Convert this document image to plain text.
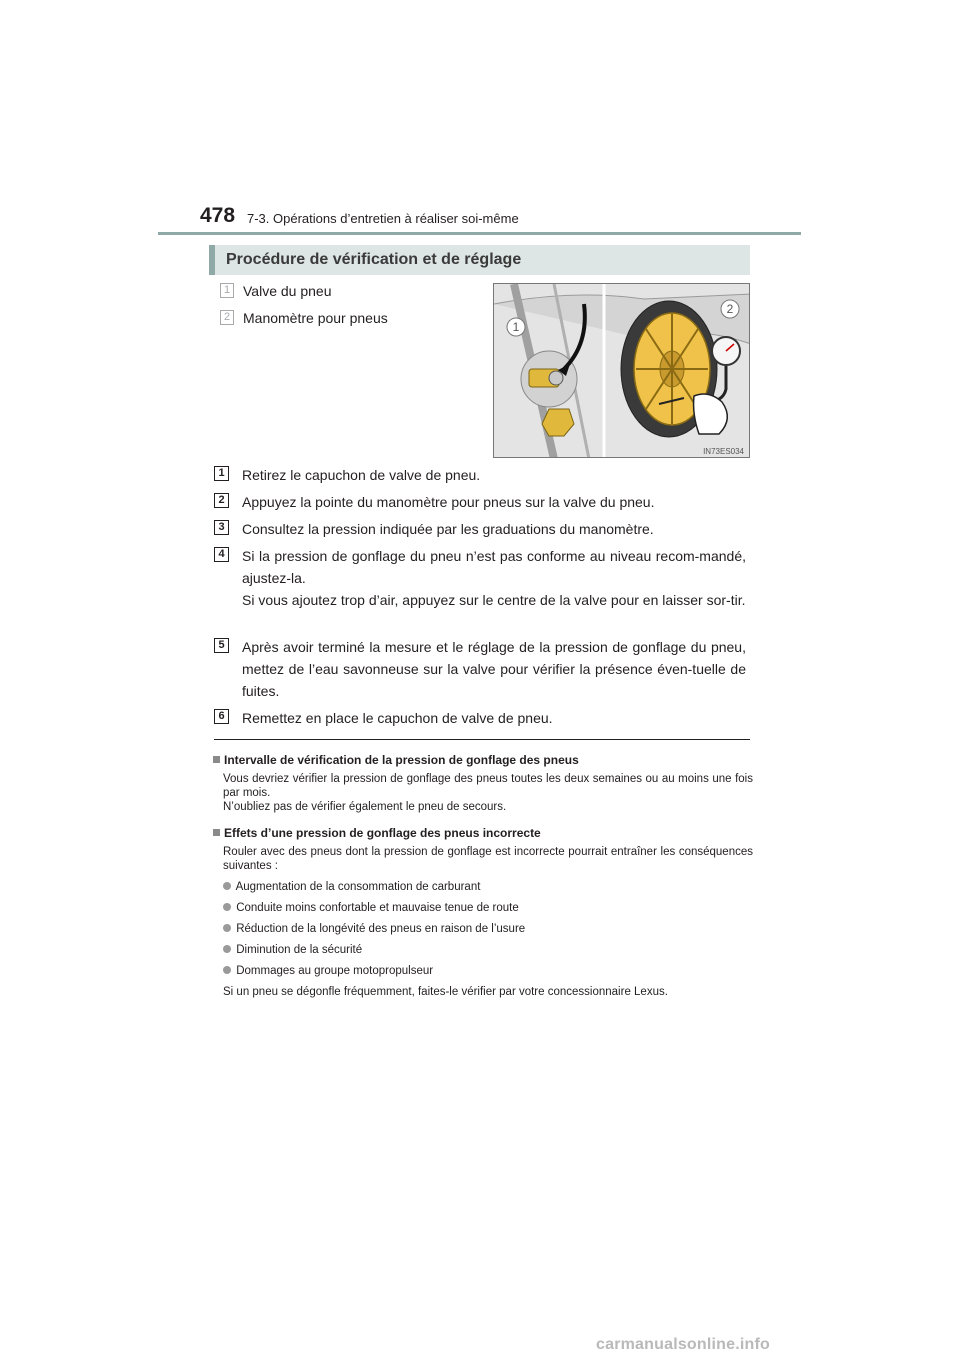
478 7-3. Opérations d’entretien à réaliser soi-même
Procédure de vérification et de réglage
1 Valve du pneu
2 Manomètre pour pneus
1
2
IN73ES034
1	Retirez le capuchon de valve de pneu.
2	Appuyez la pointe du manomètre pour pneus sur la valve du pneu.
3	Consultez la pression indiquée par les graduations du manomètre.
4	Si la pression de gonflage du pneu n’est pas conforme au niveau recom-mandé, ajustez-la.
Si vous ajoutez trop d’air, appuyez sur le centre de la valve pour en laisser sor-tir.
5	Après avoir terminé la mesure et le réglage de la pression de gonflage du pneu, mettez de l’eau savonneuse sur la valve pour vérifier la présence éven-tuelle de fuites.
6	Remettez en place le capuchon de valve de pneu.
Intervalle de vérification de la pression de gonflage des pneus
Vous devriez vérifier la pression de gonflage des pneus toutes les deux semaines ou au moins une fois par mois.
N’oubliez pas de vérifier également le pneu de secours.
Effets d’une pression de gonflage des pneus incorrecte
Rouler avec des pneus dont la pression de gonflage est incorrecte pourrait entraîner les conséquences suivantes :
Augmentation de la consommation de carburant
Conduite moins confortable et mauvaise tenue de route
Réduction de la longévité des pneus en raison de l’usure
Diminution de la sécurité
Dommages au groupe motopropulseur
Si un pneu se dégonfle fréquemment, faites-le vérifier par votre concessionnaire Lexus.
carmanualsonline.info
